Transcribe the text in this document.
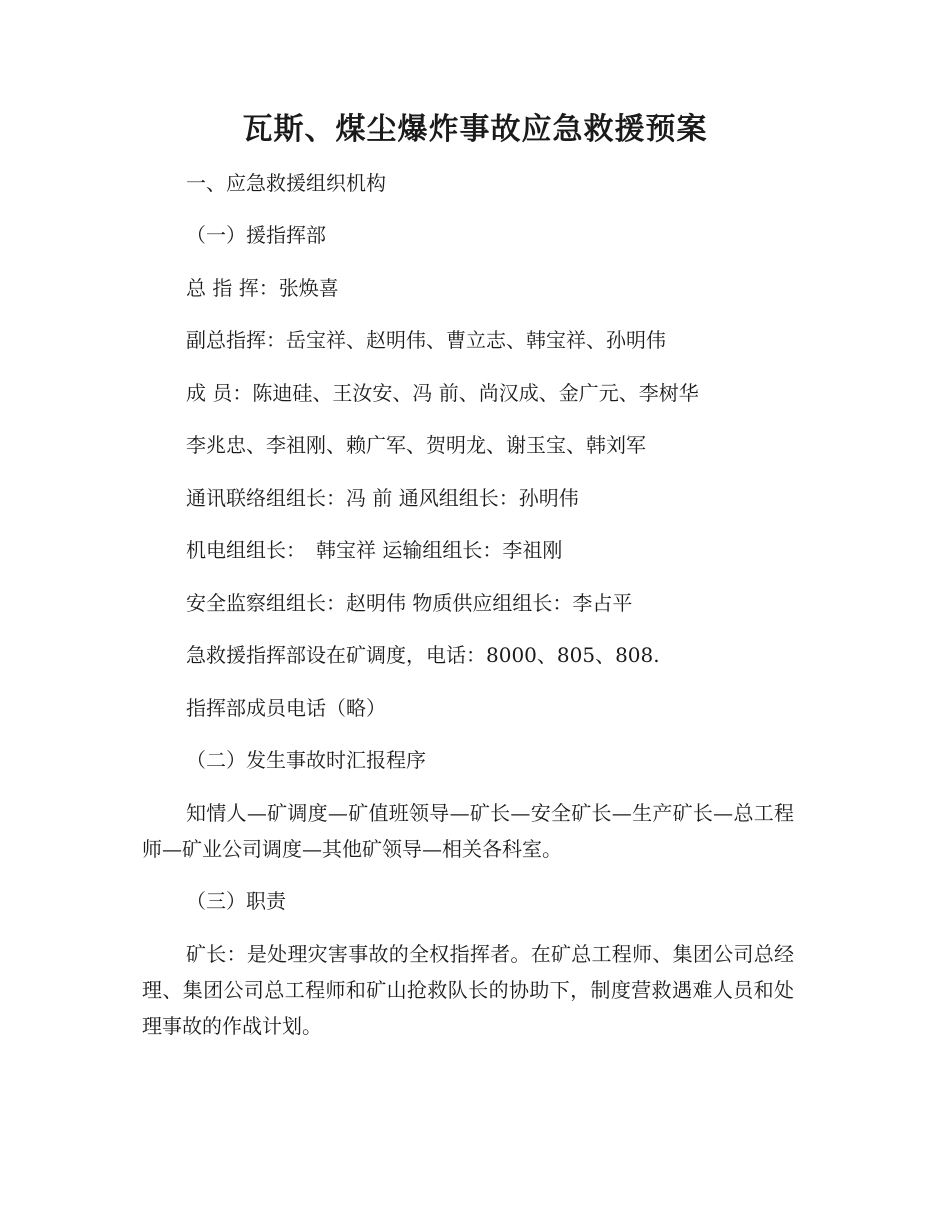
瓦斯、煤尘爆炸事故应急救援预案
一、应急救援组织机构
（一）援指挥部
总 指 挥：张焕喜
副总指挥：岳宝祥、赵明伟、曹立志、韩宝祥、孙明伟
成 员：陈迪硅、王汝安、冯 前、尚汉成、金广元、李树华
李兆忠、李祖刚、赖广军、贺明龙、谢玉宝、韩刘军
通讯联络组组长：冯 前 通风组组长：孙明伟
机电组组长：　韩宝祥 运输组组长：李祖刚
安全监察组组长：赵明伟 物质供应组组长：李占平
急救援指挥部设在矿调度，电话：8000、805、808.
指挥部成员电话（略）
（二）发生事故时汇报程序
知情人—矿调度—矿值班领导—矿长—安全矿长—生产矿长—总工程师—矿业公司调度—其他矿领导—相关各科室。
（三）职责
矿长：是处理灾害事故的全权指挥者。在矿总工程师、集团公司总经理、集团公司总工程师和矿山抢救队长的协助下，制度营救遇难人员和处理事故的作战计划。
